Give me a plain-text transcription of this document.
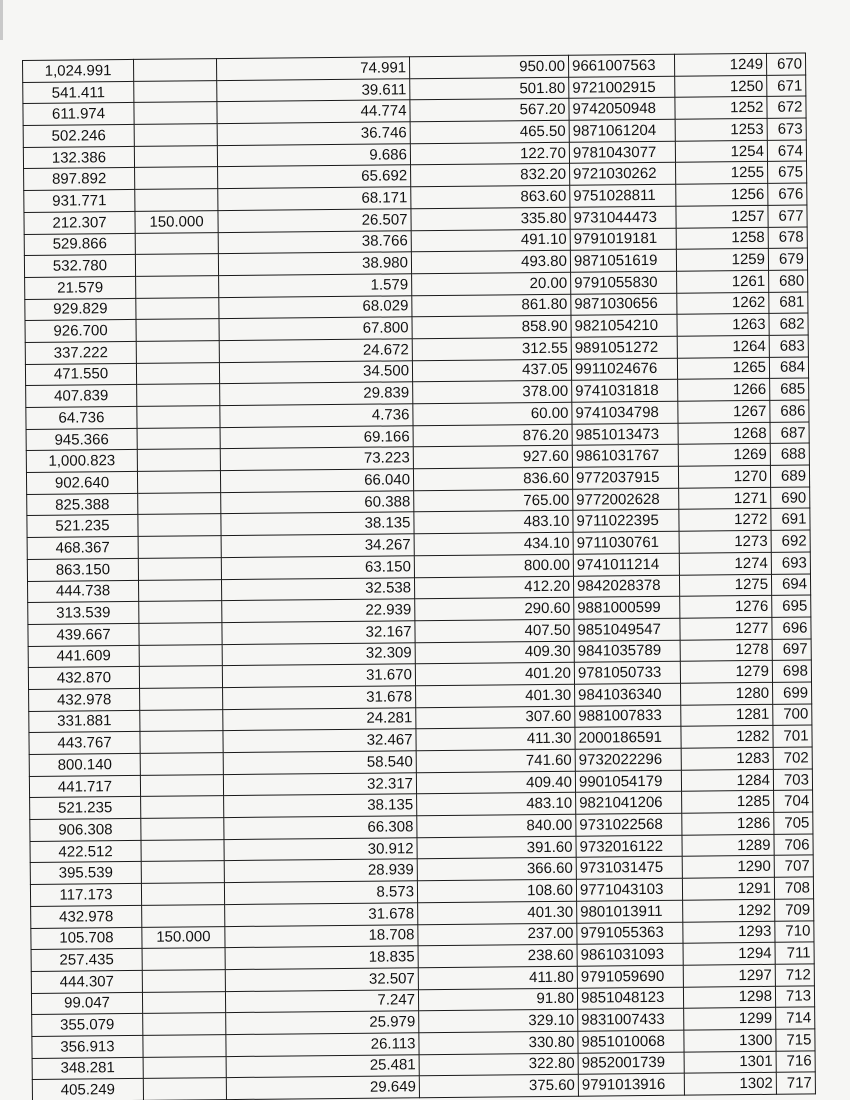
1,024.991		74.991	950.00	9661007563	1249	670
541.411		39.611	501.80	9721002915	1250	671
611.974		44.774	567.20	9742050948	1252	672
502.246		36.746	465.50	9871061204	1253	673
132.386		9.686	122.70	9781043077	1254	674
897.892		65.692	832.20	9721030262	1255	675
931.771		68.171	863.60	9751028811	1256	676
212.307	150.000	26.507	335.80	9731044473	1257	677
529.866		38.766	491.10	9791019181	1258	678
532.780		38.980	493.80	9871051619	1259	679
21.579		1.579	20.00	9791055830	1261	680
929.829		68.029	861.80	9871030656	1262	681
926.700		67.800	858.90	9821054210	1263	682
337.222		24.672	312.55	9891051272	1264	683
471.550		34.500	437.05	9911024676	1265	684
407.839		29.839	378.00	9741031818	1266	685
64.736		4.736	60.00	9741034798	1267	686
945.366		69.166	876.20	9851013473	1268	687
1,000.823		73.223	927.60	9861031767	1269	688
902.640		66.040	836.60	9772037915	1270	689
825.388		60.388	765.00	9772002628	1271	690
521.235		38.135	483.10	9711022395	1272	691
468.367		34.267	434.10	9711030761	1273	692
863.150		63.150	800.00	9741011214	1274	693
444.738		32.538	412.20	9842028378	1275	694
313.539		22.939	290.60	9881000599	1276	695
439.667		32.167	407.50	9851049547	1277	696
441.609		32.309	409.30	9841035789	1278	697
432.870		31.670	401.20	9781050733	1279	698
432.978		31.678	401.30	9841036340	1280	699
331.881		24.281	307.60	9881007833	1281	700
443.767		32.467	411.30	2000186591	1282	701
800.140		58.540	741.60	9732022296	1283	702
441.717		32.317	409.40	9901054179	1284	703
521.235		38.135	483.10	9821041206	1285	704
906.308		66.308	840.00	9731022568	1286	705
422.512		30.912	391.60	9732016122	1289	706
395.539		28.939	366.60	9731031475	1290	707
117.173		8.573	108.60	9771043103	1291	708
432.978		31.678	401.30	9801013911	1292	709
105.708	150.000	18.708	237.00	9791055363	1293	710
257.435		18.835	238.60	9861031093	1294	711
444.307		32.507	411.80	9791059690	1297	712
99.047		7.247	91.80	9851048123	1298	713
355.079		25.979	329.10	9831007433	1299	714
356.913		26.113	330.80	9851010068	1300	715
348.281		25.481	322.80	9852001739	1301	716
405.249		29.649	375.60	9791013916	1302	717
